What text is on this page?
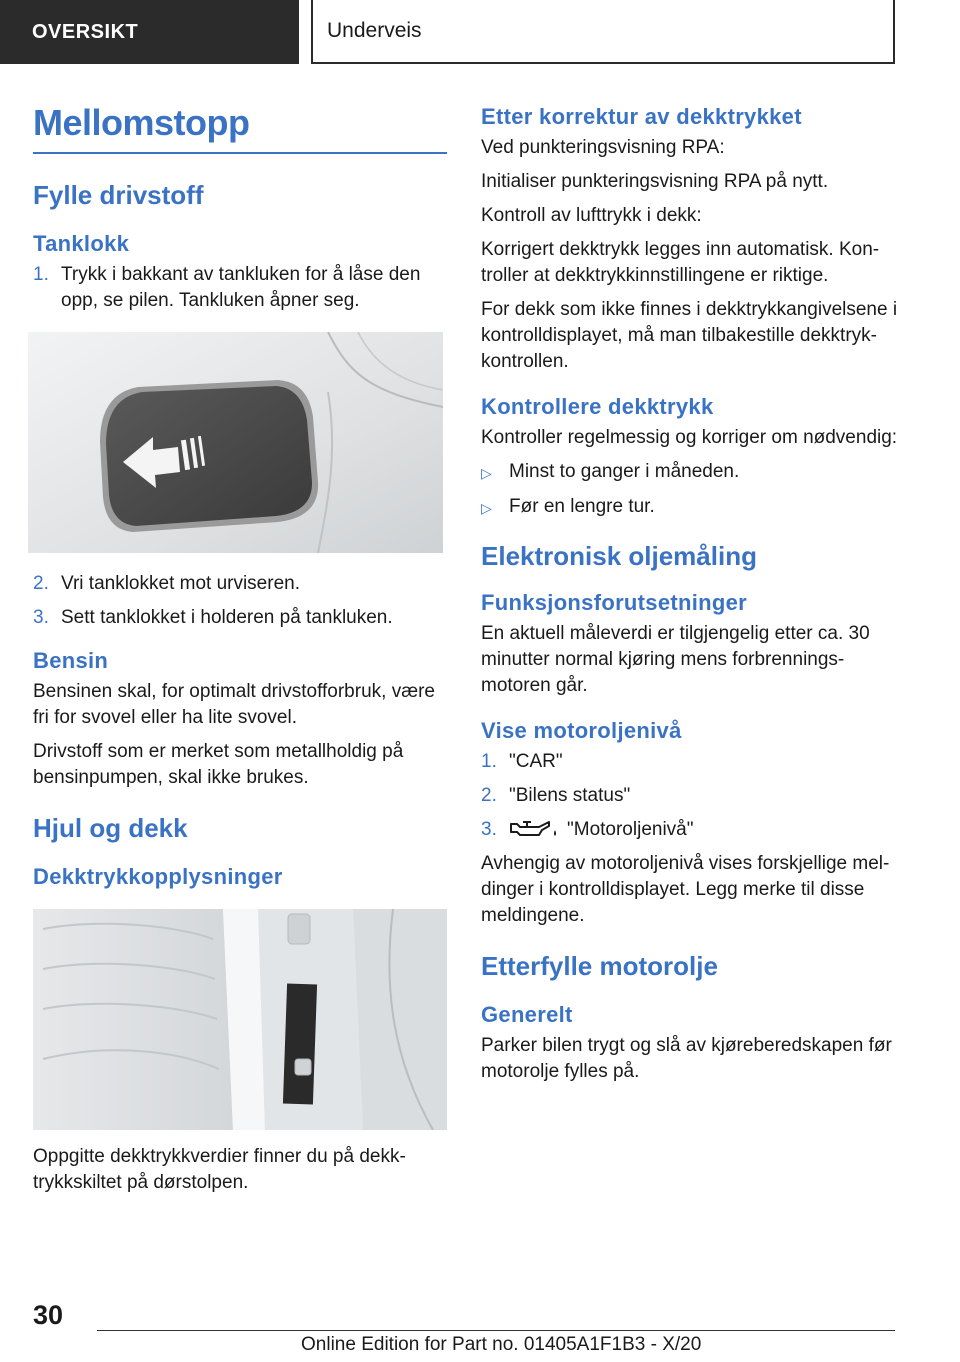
OVERSIKT	Underveis
Mellomstopp
Fylle drivstoff
Tanklokk
1. Trykk i bakkant av tankluken for å låse den opp, se pilen. Tankluken åpner seg.
2. Vri tanklokket mot urviseren.
3. Sett tanklokket i holderen på tankluken.
Bensin

Bensinen skal, for optimalt drivstofforbruk, være fri for svovel eller ha lite svovel.

Drivstoff som er merket som metallholdig på bensinpumpen, skal ikke brukes.

Hjul og dekk
Dekktrykkopplysninger

Oppgitte dekktrykkverdier finner du på dekktrykkskiltet på dørstolpen.

Etter korrektur av dekktrykket

Ved punkteringsvisning RPA:

Initialiser punkteringsvisning RPA på nytt.

Kontroll av lufttrykk i dekk:

Korrigert dekktrykk legges inn automatisk. Kontroller at dekktrykkinnstillingene er riktige.

For dekk som ikke finnes i dekktrykkangivelsene i kontrolldisplayet, må man tilbakestille dekktrykkontrollen.

Kontrollere dekktrykk

Kontroller regelmessig og korriger om nødvendig:

▷ Minst to ganger i måneden.
▷ Før en lengre tur.
Elektronisk oljemåling
Funksjonsforutsetninger

En aktuell måleverdi er tilgjengelig etter ca. 30 minutter normal kjøring mens forbrenningsmotoren går.

Vise motoroljenivå
1. "CAR"
2. "Bilens status"
3.	"Motoroljenivå"

Avhengig av motoroljenivå vises forskjellige meldinger i kontrolldisplayet. Legg merke til disse meldingene.

Etterfylle motorolje
Generelt

Parker bilen trygt og slå av kjøreberedskapen før motorolje fylles på.

30
Online Edition for Part no. 01405A1F1B3 - X/20
